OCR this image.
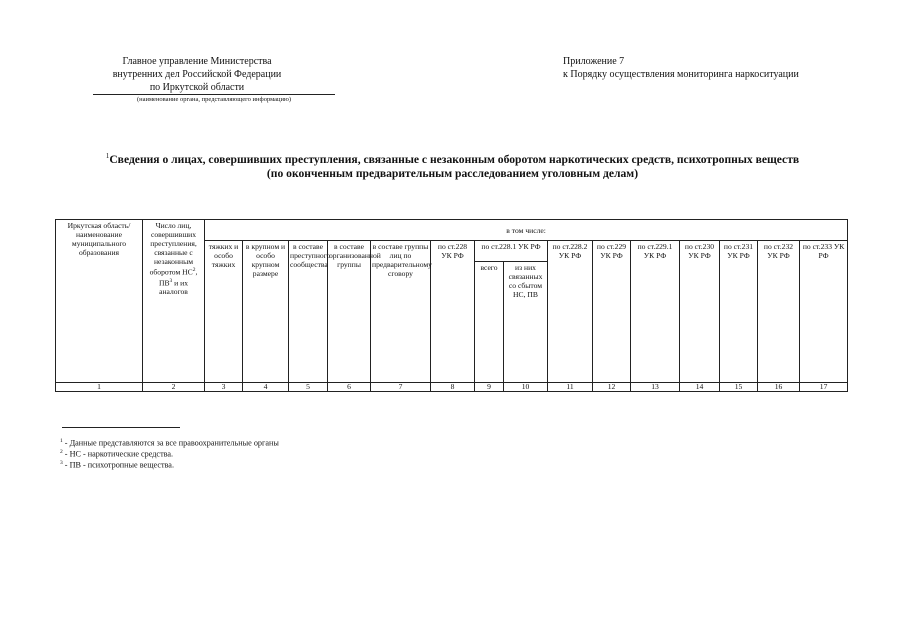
Главное управление Министерства
внутренних дел Российской Федерации
по Иркутской области
(наименование органа, представляющего информацию)
Приложение 7
к Порядку осуществления мониторинга наркоситуации
$^1$Сведения о лицах, совершивших преступления, связанные с незаконным оборотом наркотических средств, психотропных веществ
(по оконченным предварительным расследованием уголовным делам)
Иркутская область/ наименование муниципального образования	Число лиц, совершивших преступления, связанные с незаконным оборотом $НС^2$, $ПВ^3$ и их аналогов	в том числе:														
		тяжких и особо тяжких	в крупном и особо крупном размере	в составе преступного сообщества	в составе организованной группы	в составе группы лиц по предварительному сговору	по ст.228 УК РФ	по ст.228.1 УК РФ		по ст.228.2 УК РФ	по ст.229 УК РФ	по ст.229.1 УК РФ	по ст.230 УК РФ	по ст.231 УК РФ	по ст.232 УК РФ	по ст.233 УК РФ
								всего	из них связанных со сбытом НС, ПВ							
1	2	3	4	5	6	7	8	9	10	11	12	13	14	15	16	17
$^1$ - Данные представляются за все правоохранительные органы
$^2$ - НС - наркотические средства.
$^3$ - ПВ - психотропные вещества.
